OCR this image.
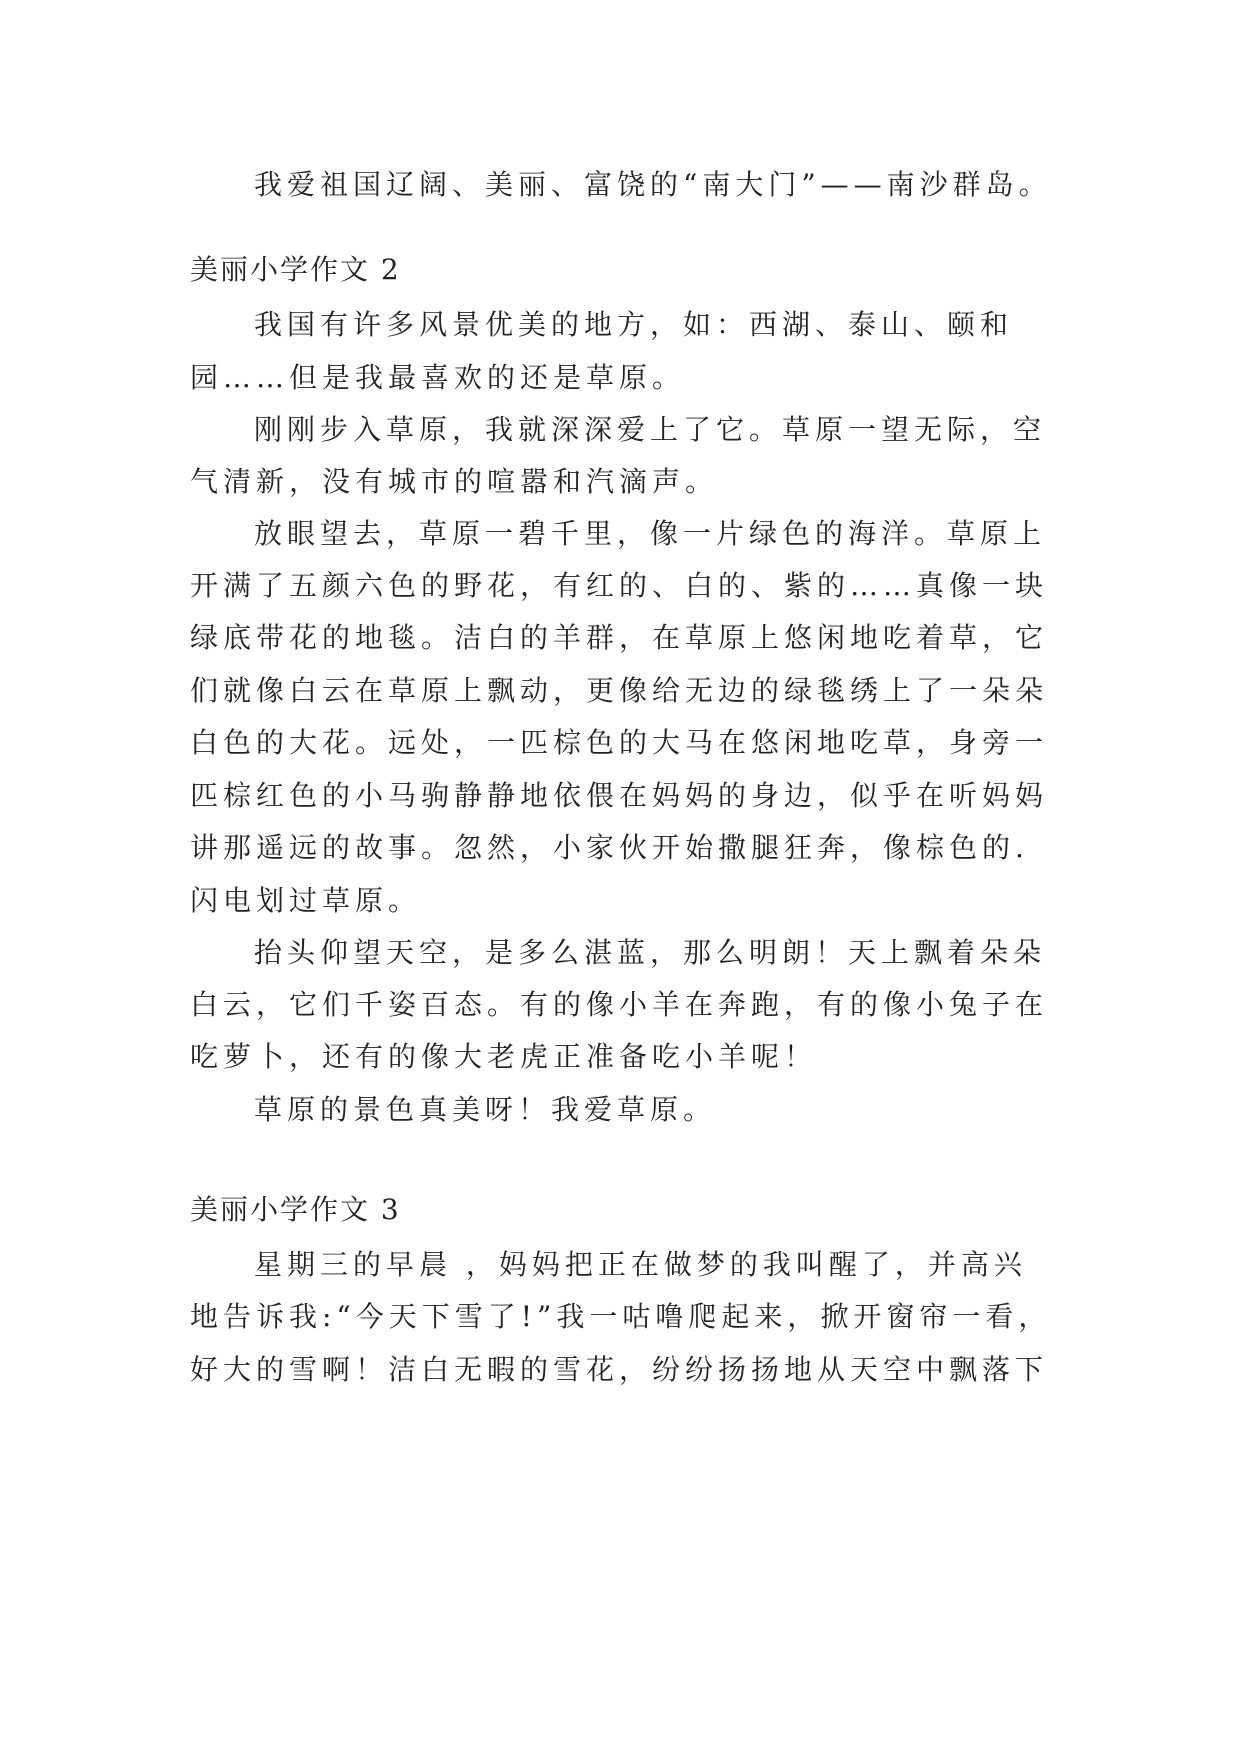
我爱祖国辽阔、美丽、富饶的“南大门”——南沙群岛。
美丽小学作文 2
我国有许多风景优美的地方，如：西湖、泰山、颐和
园……但是我最喜欢的还是草原。
刚刚步入草原，我就深深爱上了它。草原一望无际，空
气清新，没有城市的喧嚣和汽滴声。
放眼望去，草原一碧千里，像一片绿色的海洋。草原上
开满了五颜六色的野花，有红的、白的、紫的……真像一块
绿底带花的地毯。洁白的羊群，在草原上悠闲地吃着草，它
们就像白云在草原上飘动，更像给无边的绿毯绣上了一朵朵
白色的大花。远处，一匹棕色的大马在悠闲地吃草，身旁一
匹棕红色的小马驹静静地依偎在妈妈的身边，似乎在听妈妈
讲那遥远的故事。忽然，小家伙开始撒腿狂奔，像棕色的.
闪电划过草原。
抬头仰望天空，是多么湛蓝，那么明朗！天上飘着朵朵
白云，它们千姿百态。有的像小羊在奔跑，有的像小兔子在
吃萝卜，还有的像大老虎正准备吃小羊呢！
草原的景色真美呀！我爱草原。
美丽小学作文 3
星期三的早晨 ，妈妈把正在做梦的我叫醒了，并高兴
地告诉我:“今天下雪了!”我一咕噜爬起来，掀开窗帘一看，
好大的雪啊！洁白无暇的雪花，纷纷扬扬地从天空中飘落下
